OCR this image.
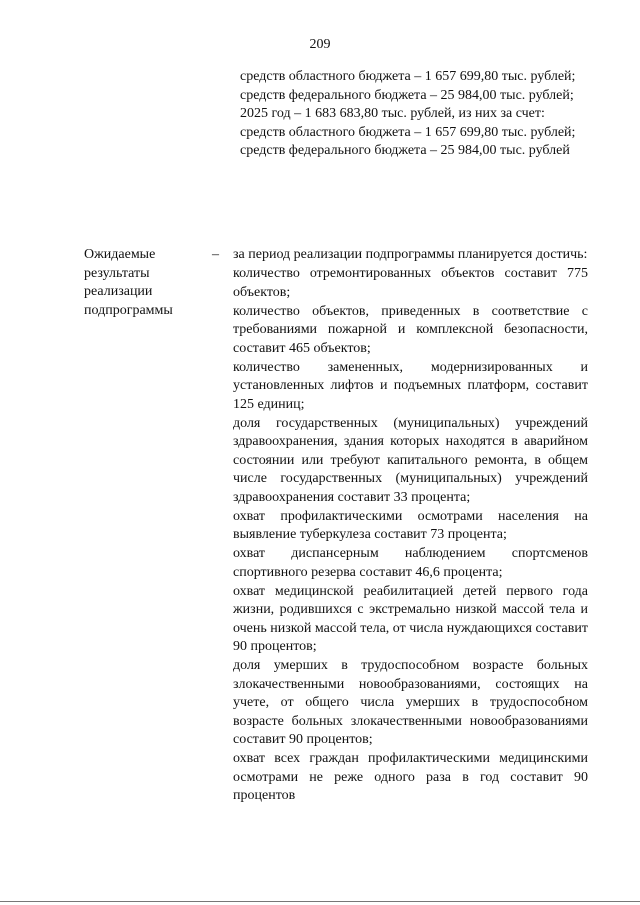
209

средств областного бюджета – 1 657 699,80 тыс. рублей;

средств федерального бюджета – 25 984,00 тыс. рублей;

2025 год – 1 683 683,80 тыс. рублей, из них за счет:

средств областного бюджета – 1 657 699,80 тыс. рублей;

средств федерального бюджета – 25 984,00 тыс. рублей

Ожидаемые
результаты
реализации
подпрограммы
– за период реализации подпрограммы планируется достичь:

количество отремонтированных объектов составит 775 объектов;

количество объектов, приведенных в соответствие с требованиями пожарной и комплексной безопасности, составит 465 объектов;

количество замененных, модернизированных и установленных лифтов и подъемных платформ, составит 125 единиц;

доля государственных (муниципальных) учреждений здравоохранения, здания которых находятся в аварийном состоянии или требуют капитального ремонта, в общем числе государственных (муниципальных) учреждений здравоохранения составит 33 процента;

охват профилактическими осмотрами населения на выявление туберкулеза составит 73 процента;

охват диспансерным наблюдением спортсменов спортивного резерва составит 46,6 процента;

охват медицинской реабилитацией детей первого года жизни, родившихся с экстремально низкой массой тела и очень низкой массой тела, от числа нуждающихся составит 90 процентов;

доля умерших в трудоспособном возрасте больных злокачественными новообразованиями, состоящих на учете, от общего числа умерших в трудоспособном возрасте больных злокачественными новообразованиями составит 90 процентов;

охват всех граждан профилактическими медицинскими осмотрами не реже одного раза в год составит 90 процентов
